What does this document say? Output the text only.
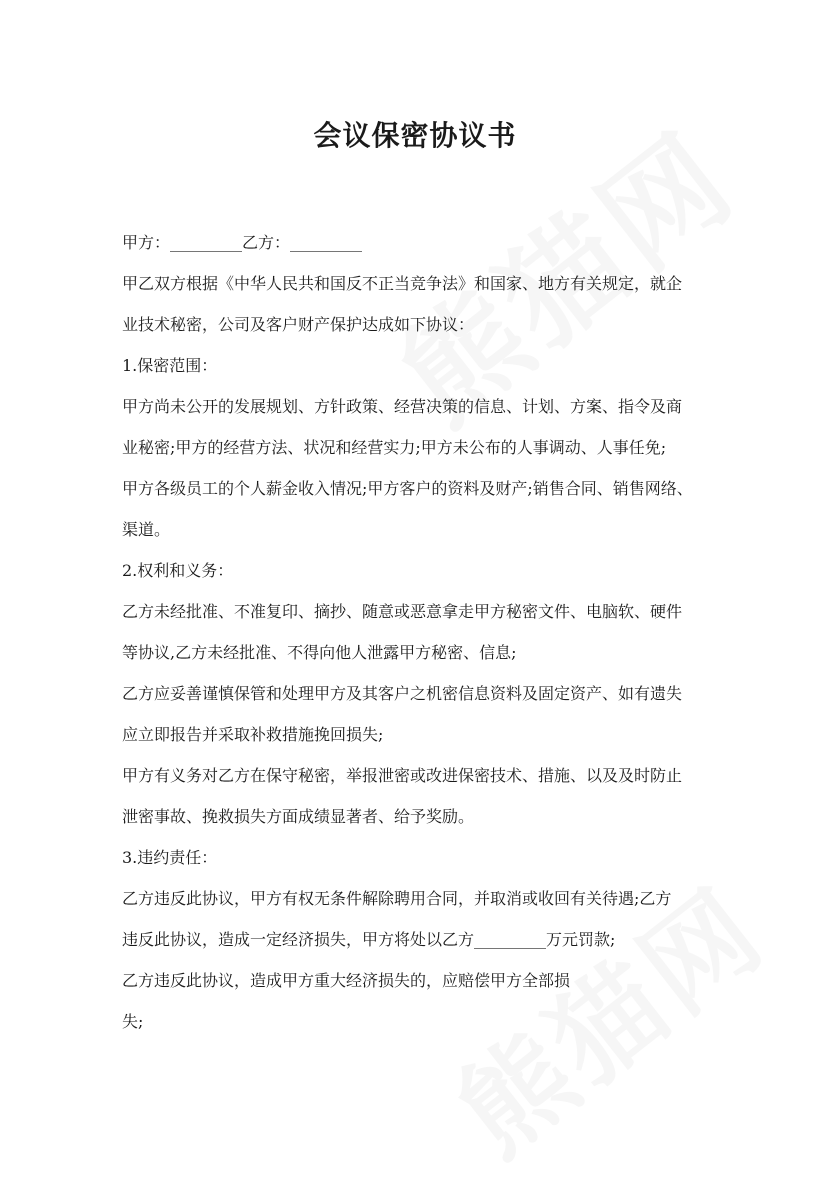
会议保密协议书

甲方：_________乙方：_________

甲乙双方根据《中华人民共和国反不正当竞争法》和国家、地方有关规定，就企

业技术秘密，公司及客户财产保护达成如下协议：

1.保密范围：

甲方尚未公开的发展规划、方针政策、经营决策的信息、计划、方案、指令及商

业秘密;甲方的经营方法、状况和经营实力;甲方未公布的人事调动、人事任免;

甲方各级员工的个人薪金收入情况;甲方客户的资料及财产;销售合同、销售网络、

渠道。

2.权利和义务：

乙方未经批准、不准复印、摘抄、随意或恶意拿走甲方秘密文件、电脑软、硬件

等协议,乙方未经批准、不得向他人泄露甲方秘密、信息;

乙方应妥善谨慎保管和处理甲方及其客户之机密信息资料及固定资产、如有遗失

应立即报告并采取补救措施挽回损失;

甲方有义务对乙方在保守秘密，举报泄密或改进保密技术、措施、以及及时防止

泄密事故、挽救损失方面成绩显著者、给予奖励。

3.违约责任：

乙方违反此协议，甲方有权无条件解除聘用合同，并取消或收回有关待遇;乙方

违反此协议，造成一定经济损失，甲方将处以乙方_________万元罚款;

乙方违反此协议，造成甲方重大经济损失的，应赔偿甲方全部损

失;
